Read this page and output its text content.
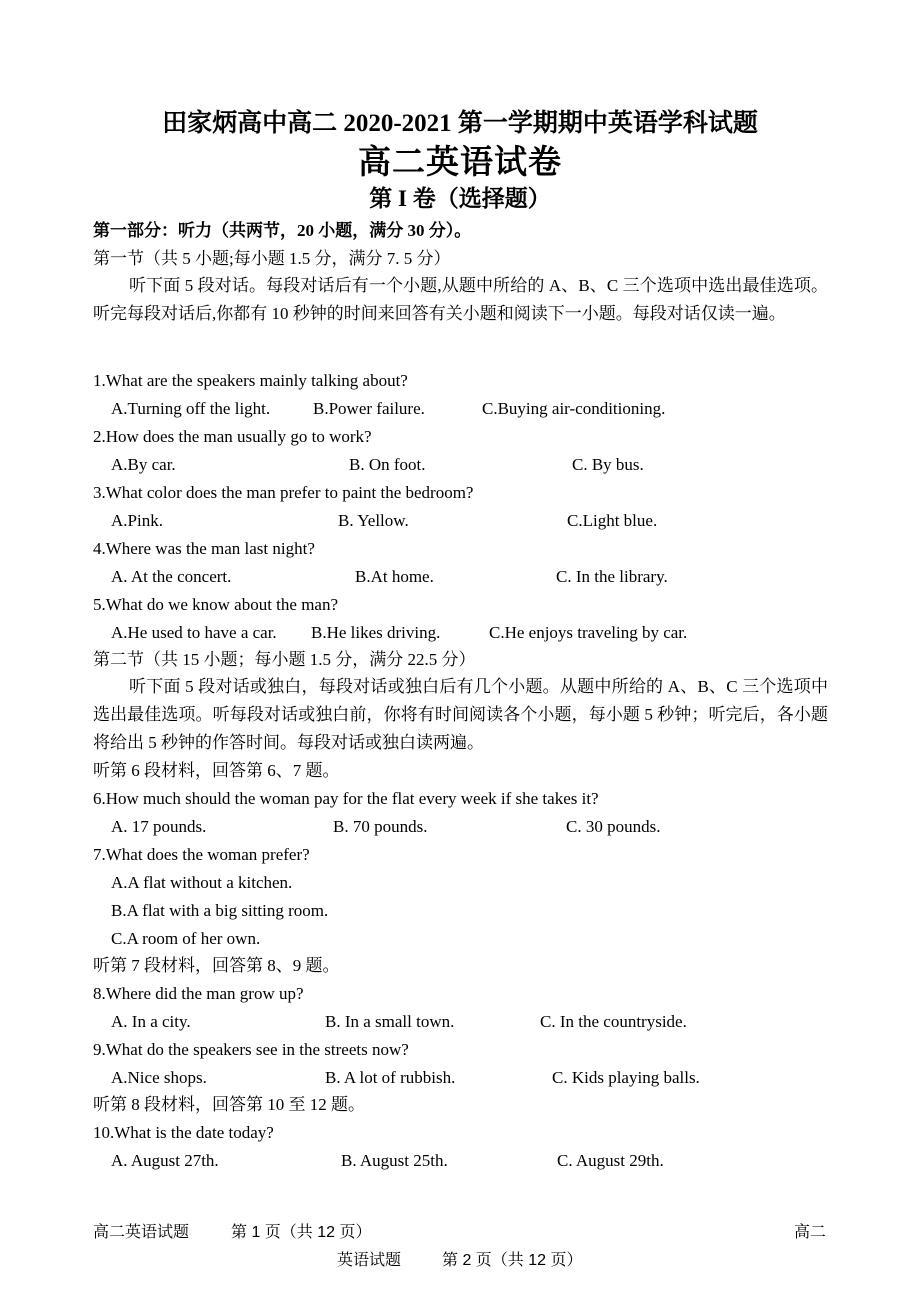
田家炳高中高二 2020-2021 第一学期期中英语学科试题
高二英语试卷
第 I 卷（选择题）
第一部分：听力（共两节，20 小题，满分 30 分）。
第一节（共 5 小题;每小题 1.5 分，满分 7. 5 分）
听下面 5 段对话。每段对话后有一个小题,从题中所给的 A、B、C 三个选项中选出最佳选项。听完每段对话后,你都有 10 秒钟的时间来回答有关小题和阅读下一小题。每段对话仅读一遍。
1.What are the speakers mainly talking about?
A.Turning off the light.	B.Power failure.	C.Buying air-conditioning.
2.How does the man usually go to work?
A.By car.	B. On foot.	C. By bus.
3.What color does the man prefer to paint the bedroom?
A.Pink.	B. Yellow.	C.Light blue.
4.Where was the man last night?
A. At the concert.	B.At home.	C. In the library.
5.What do we know about the man?
A.He used to have a car. B.He likes driving.	C.He enjoys traveling by car.
第二节（共 15 小题；每小题 1.5 分，满分 22.5 分）
听下面 5 段对话或独白，每段对话或独白后有几个小题。从题中所给的 A、B、C 三个选项中选出最佳选项。听每段对话或独白前，你将有时间阅读各个小题，每小题 5 秒钟；听完后，各小题将给出 5 秒钟的作答时间。每段对话或独白读两遍。
听第 6 段材料，回答第 6、7 题。
6.How much should the woman pay for the flat every week if she takes it?
A. 17 pounds.	B. 70 pounds.	C. 30 pounds.
7.What does the woman prefer?
A.A flat without a kitchen.
B.A flat with a big sitting room.
C.A room of her own.
听第 7 段材料，回答第 8、9 题。
8.Where did the man grow up?
A. In a city.	B. In a small town.	C. In the countryside.
9.What do the speakers see in the streets now?
A.Nice shops.	B. A lot of rubbish.	C. Kids playing balls.
听第 8 段材料，回答第 10 至 12 题。
10.What is the date today?
A. August 27th.	B. August 25th.	C. August 29th.
高二英语试题	第 1 页（共 12 页）	高二
英语试题	第 2 页（共 12 页）
